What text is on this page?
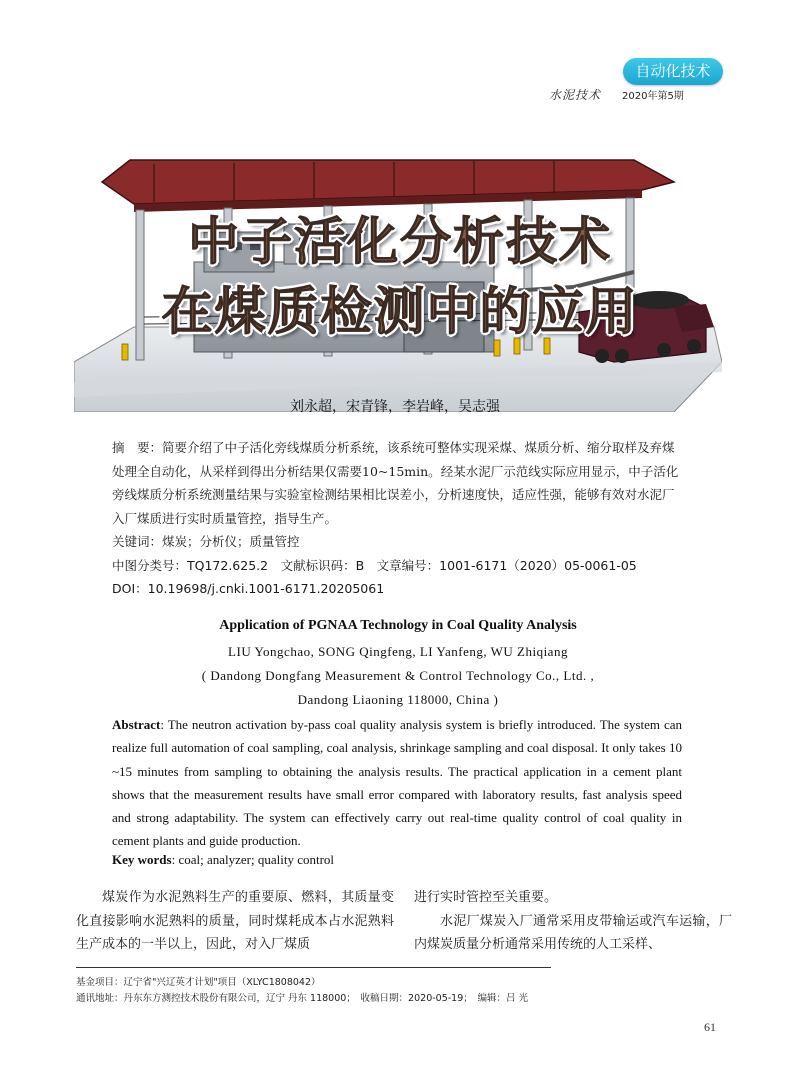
自动化技术
水泥技术 2020年第5期
中子活化分析技术
在煤质检测中的应用
刘永超，宋青锋，李岩峰，吴志强

摘　要：简要介绍了中子活化旁线煤质分析系统，该系统可整体实现采煤、煤质分析、缩分取样及弃煤处理全自动化，从采样到得出分析结果仅需要10~15min。经某水泥厂示范线实际应用显示，中子活化旁线煤质分析系统测量结果与实验室检测结果相比误差小，分析速度快，适应性强，能够有效对水泥厂入厂煤质进行实时质量管控，指导生产。

关键词：煤炭；分析仪；质量管控

中图分类号：TQ172.625.2　文献标识码：B　文章编号：1001-6171（2020）05-0061-05

DOI：10.19698/j.cnki.1001-6171.20205061

Application of PGNAA Technology in Coal Quality Analysis
LIU Yongchao, SONG Qingfeng, LI Yanfeng, WU Zhiqiang
( Dandong Dongfang Measurement & Control Technology Co., Ltd. ,
Dandong Liaoning 118000, China )
Abstract: The neutron activation by-pass coal quality analysis system is briefly introduced. The system can realize full automation of coal sampling, coal analysis, shrinkage sampling and coal disposal. It only takes 10 ~15 minutes from sampling to obtaining the analysis results. The practical application in a cement plant shows that the measurement results have small error compared with laboratory results, fast analysis speed and strong adaptability. The system can effectively carry out real-time quality control of coal quality in cement plants and guide production.
Key words: coal; analyzer; quality control

煤炭作为水泥熟料生产的重要原、燃料，其质量变化直接影响水泥熟料的质量，同时煤耗成本占水泥熟料生产成本的一半以上，因此，对入厂煤质

进行实时管控至关重要。

水泥厂煤炭入厂通常采用皮带输运或汽车运输，厂内煤炭质量分析通常采用传统的人工采样、

基金项目：辽宁省"兴辽英才计划"项目（XLYC1808042）
通讯地址：丹东东方测控技术股份有限公司，辽宁 丹东 118000；　收稿日期：2020-05-19；　编辑：吕 光
61
